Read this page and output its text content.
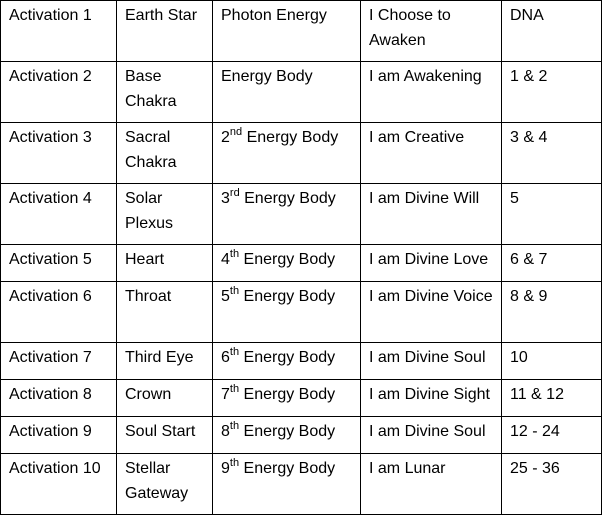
Activation 1	Earth Star	Photon Energy	I Choose to Awaken	DNA
Activation 2	Base Chakra	Energy Body	I am Awakening	1 & 2
Activation 3	Sacral Chakra	2nd Energy Body	I am Creative	3 & 4
Activation 4	Solar Plexus	3rd Energy Body	I am Divine Will	5
Activation 5	Heart	4th Energy Body	I am Divine Love	6 & 7
Activation 6	Throat	5th Energy Body	I am Divine Voice	8 & 9
Activation 7	Third Eye	6th Energy Body	I am Divine Soul	10
Activation 8	Crown	7th Energy Body	I am Divine Sight	11 & 12
Activation 9	Soul Start	8th Energy Body	I am Divine Soul	12 - 24
Activation 10	Stellar Gateway	9th Energy Body	I am Lunar	25 - 36
